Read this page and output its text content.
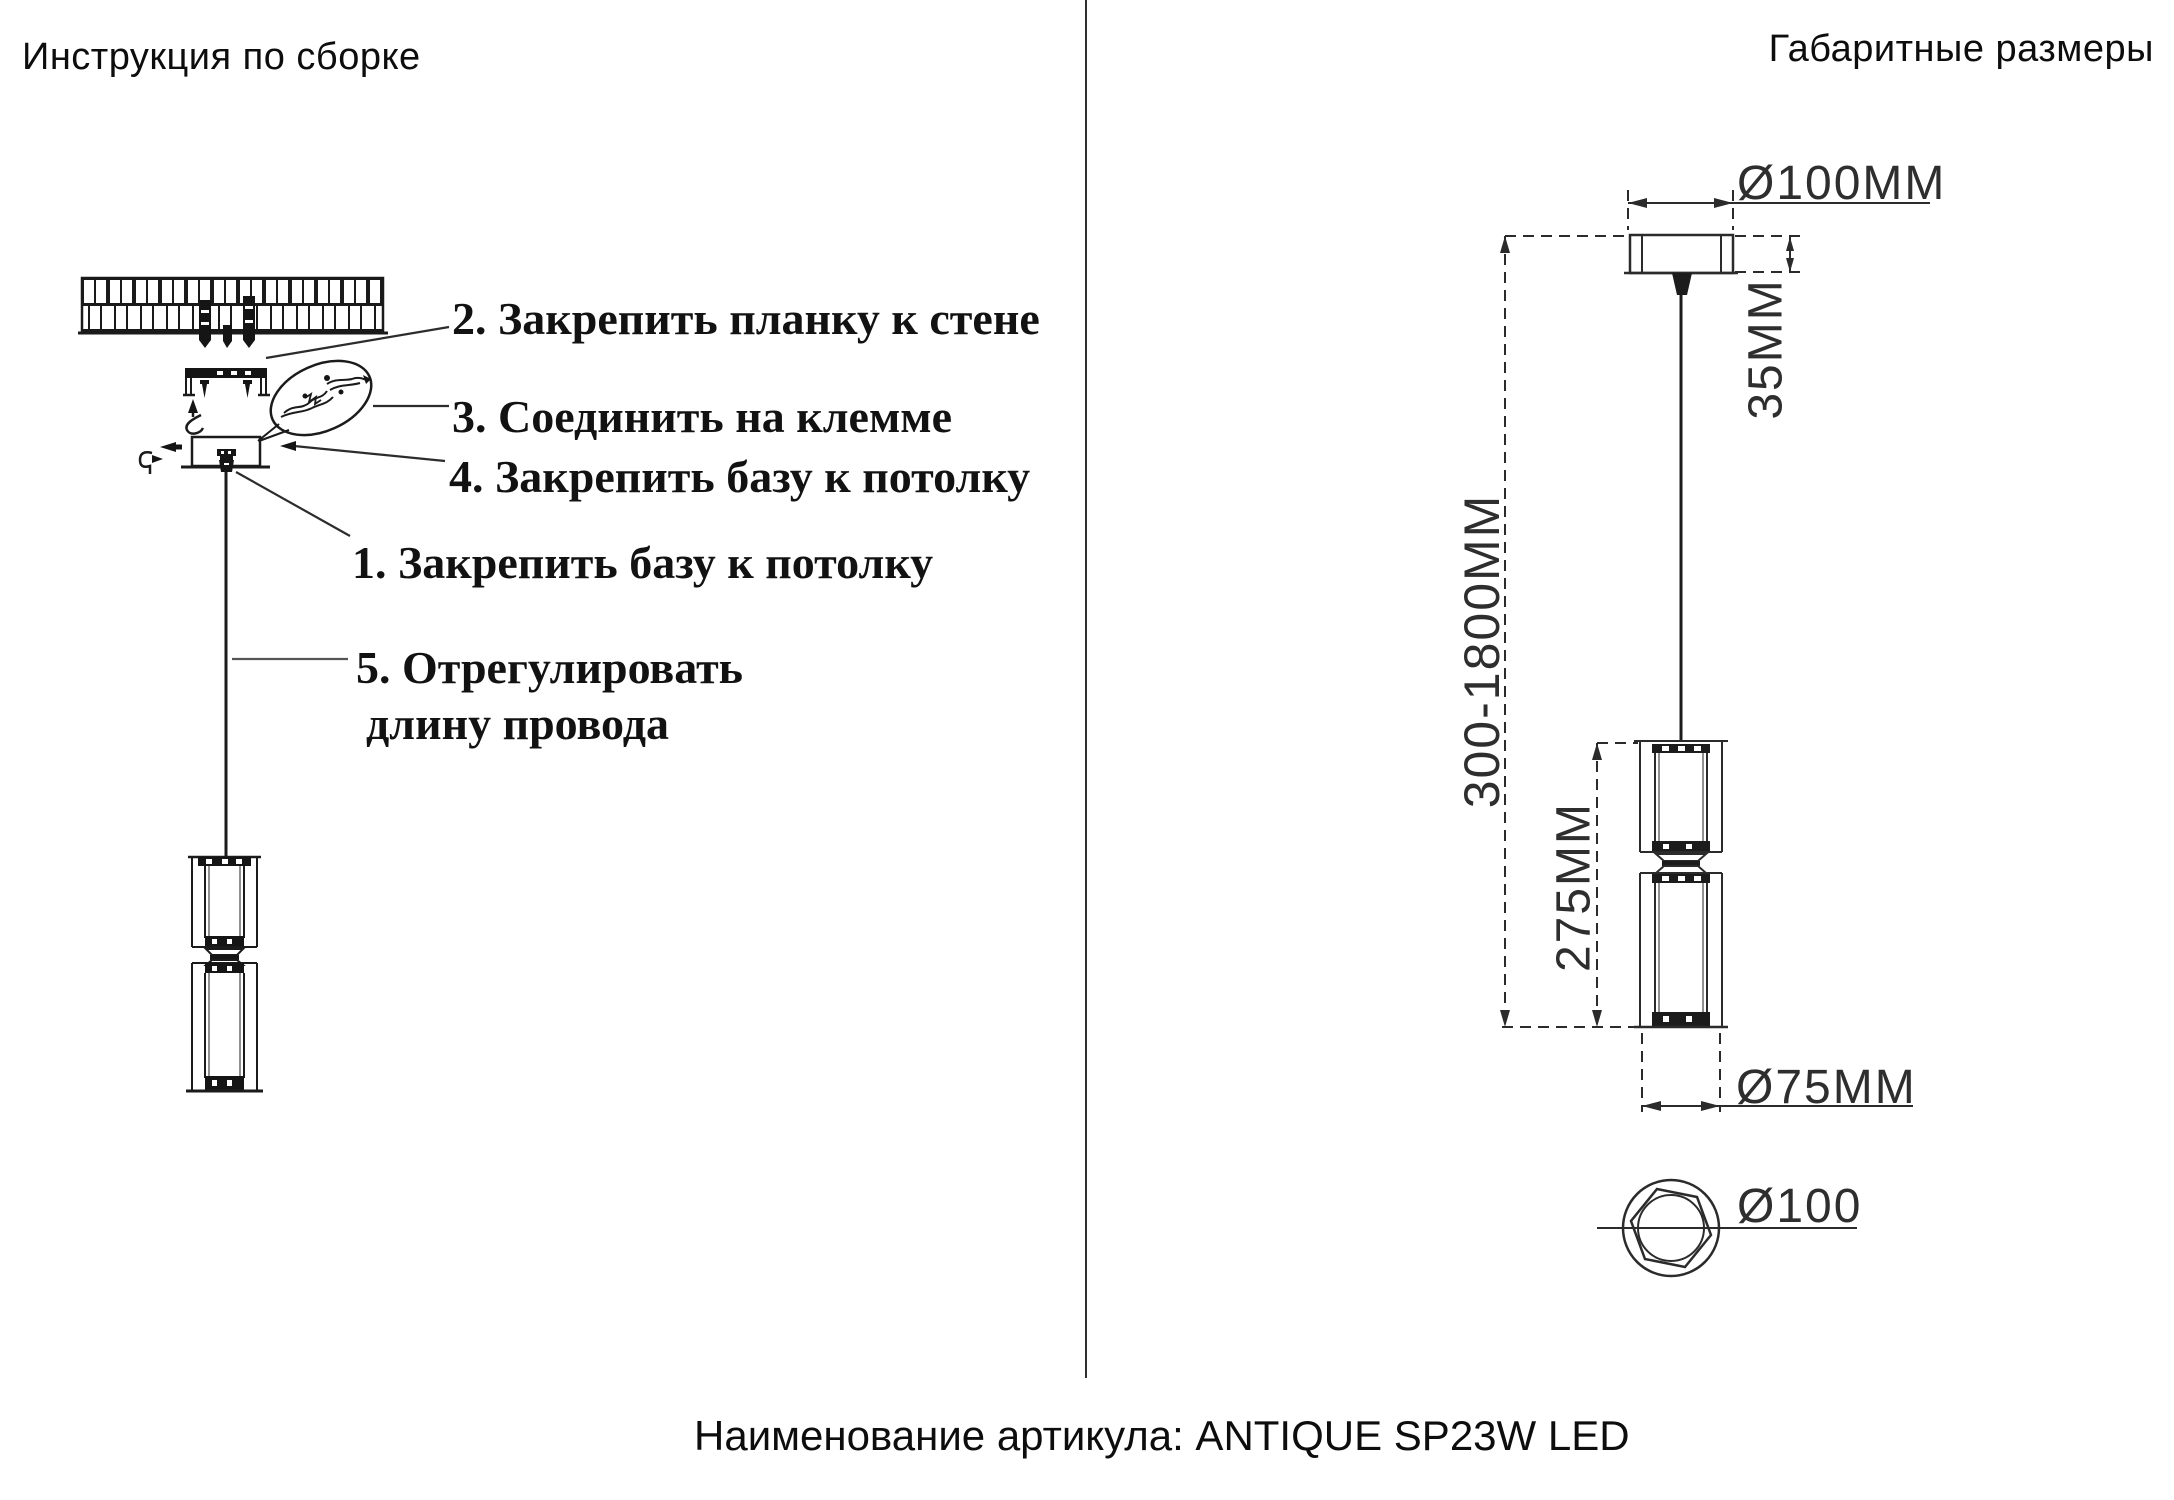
Инструкция по сборке	Габаритные размеры
2. Закрепить планку к стене
3. Соединить на клемме
4. Закрепить базу к потолку
1. Закрепить базу к потолку
5. Отрегулировать
длину провода
Ø100MM
35MM
300-1800MM
275MM
Ø75MM
Ø100
Наименование артикула: ANTIQUE SP23W LED
